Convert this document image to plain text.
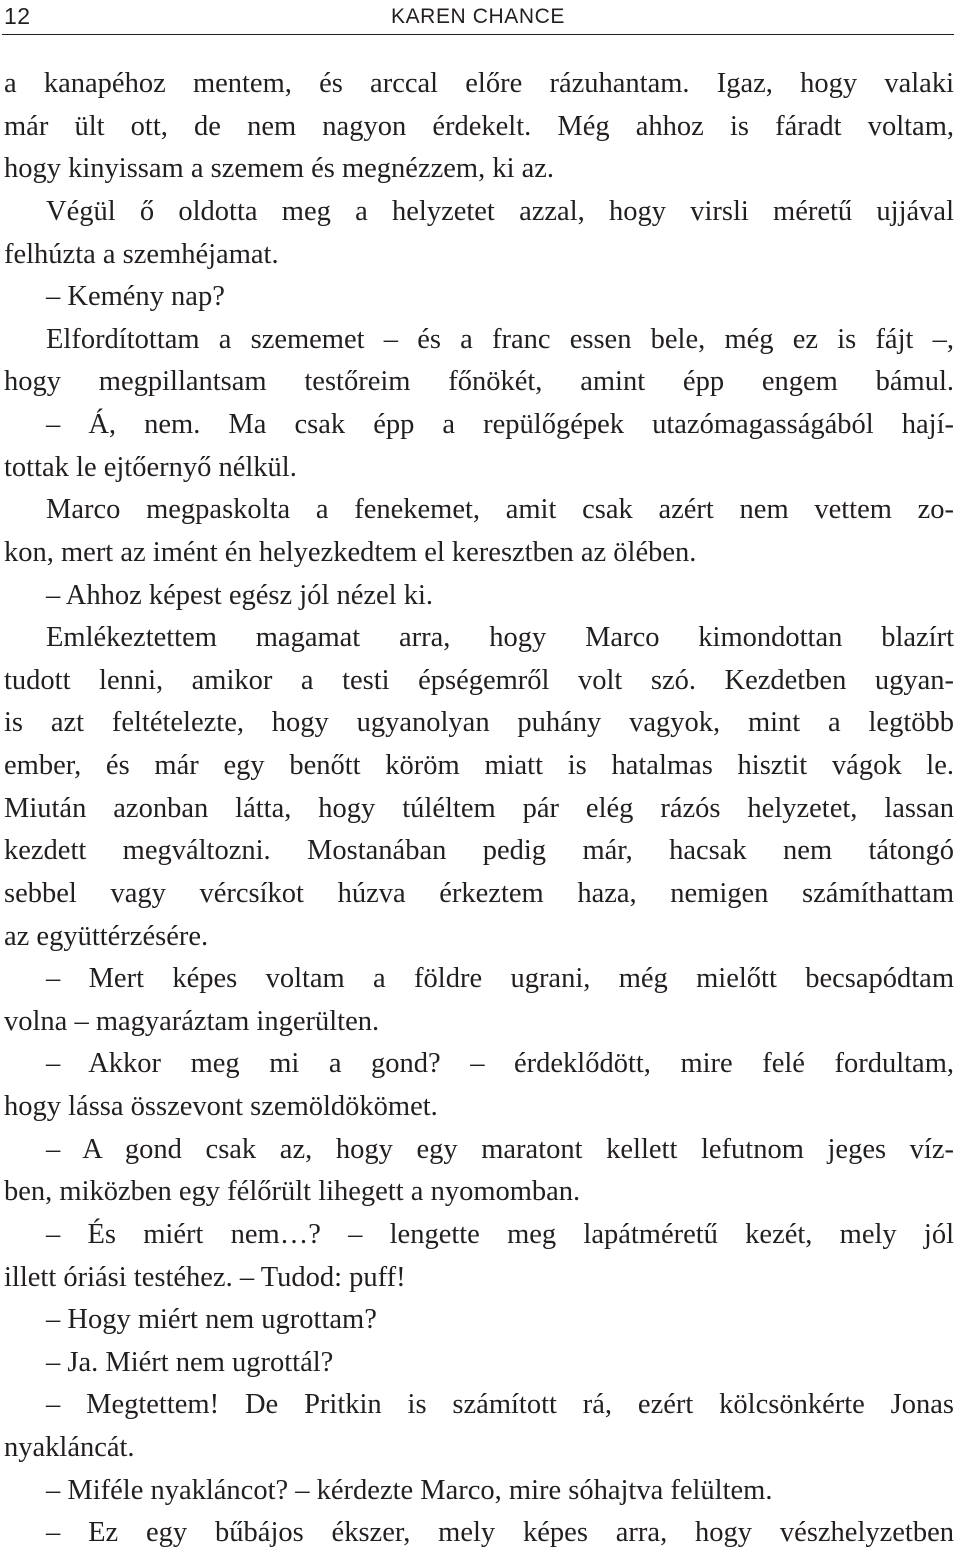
12	KAREN CHANCE
a kanapéhoz mentem, és arccal előre rázuhantam. Igaz, hogy valaki
már ült ott, de nem nagyon érdekelt. Még ahhoz is fáradt voltam,
hogy kinyissam a szemem és megnézzem, ki az.
Végül ő oldotta meg a helyzetet azzal, hogy virsli méretű ujjával
felhúzta a szemhéjamat.
– Kemény nap?
Elfordítottam a szememet – és a franc essen bele, még ez is fájt –,
hogy megpillantsam testőreim főnökét, amint épp engem bámul.
– Á, nem. Ma csak épp a repülőgépek utazómagasságából hají-
tottak le ejtőernyő nélkül.
Marco megpaskolta a fenekemet, amit csak azért nem vettem zo-
kon, mert az imént én helyezkedtem el keresztben az ölében.
– Ahhoz képest egész jól nézel ki.
Emlékeztettem magamat arra, hogy Marco kimondottan blazírt
tudott lenni, amikor a testi épségemről volt szó. Kezdetben ugyan-
is azt feltételezte, hogy ugyanolyan puhány vagyok, mint a legtöbb
ember, és már egy benőtt köröm miatt is hatalmas hisztit vágok le.
Miután azonban látta, hogy túléltem pár elég rázós helyzetet, lassan
kezdett megváltozni. Mostanában pedig már, hacsak nem tátongó
sebbel vagy vércsíkot húzva érkeztem haza, nemigen számíthattam
az együttérzésére.
– Mert képes voltam a földre ugrani, még mielőtt becsapódtam
volna – magyaráztam ingerülten.
– Akkor meg mi a gond? – érdeklődött, mire felé fordultam,
hogy lássa összevont szemöldökömet.
– A gond csak az, hogy egy maratont kellett lefutnom jeges víz-
ben, miközben egy félőrült lihegett a nyomomban.
– És miért nem…? – lengette meg lapátméretű kezét, mely jól
illett óriási testéhez. – Tudod: puff!
– Hogy miért nem ugrottam?
– Ja. Miért nem ugrottál?
– Megtettem! De Pritkin is számított rá, ezért kölcsönkérte Jonas
nyakláncát.
– Miféle nyakláncot? – kérdezte Marco, mire sóhajtva felültem.
– Ez egy bűbájos ékszer, mely képes arra, hogy vészhelyzetben
